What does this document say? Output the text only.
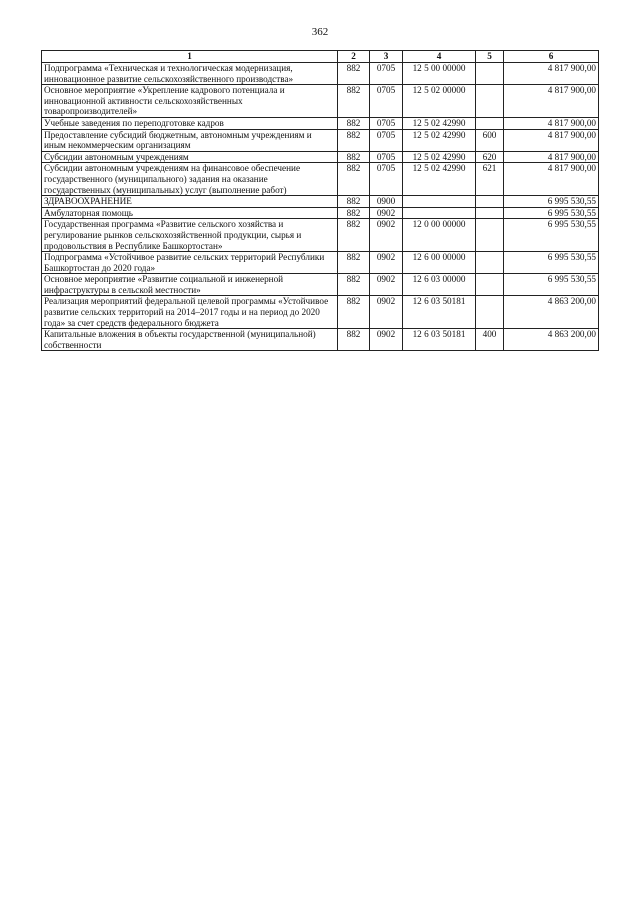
362
1	2	3	4	5	6
Подпрограмма «Техническая и технологическая модернизация, инновационное развитие сельскохозяйственного производства»	882	0705	12 5 00 00000		4 817 900,00
Основное мероприятие «Укрепление кадрового потенциала и инновационной активности сельскохозяйственных товаропроизводителей»	882	0705	12 5 02 00000		4 817 900,00
Учебные заведения по переподготовке кадров	882	0705	12 5 02 42990		4 817 900,00
Предоставление субсидий бюджетным, автономным учреждениям и иным некоммерческим организациям	882	0705	12 5 02 42990	600	4 817 900,00
Субсидии автономным учреждениям	882	0705	12 5 02 42990	620	4 817 900,00
Субсидии автономным учреждениям на финансовое обеспечение государственного (муниципального) задания на оказание государственных (муниципальных) услуг (выполнение работ)	882	0705	12 5 02 42990	621	4 817 900,00
ЗДРАВООХРАНЕНИЕ	882	0900			6 995 530,55
Амбулаторная помощь	882	0902			6 995 530,55
Государственная программа «Развитие сельского хозяйства и регулирование рынков сельскохозяйственной продукции, сырья и продовольствия в Республике Башкортостан»	882	0902	12 0 00 00000		6 995 530,55
Подпрограмма «Устойчивое развитие сельских территорий Республики Башкортостан до 2020 года»	882	0902	12 6 00 00000		6 995 530,55
Основное мероприятие «Развитие социальной и инженерной инфраструктуры в сельской местности»	882	0902	12 6 03 00000		6 995 530,55
Реализация мероприятий федеральной целевой программы «Устойчивое развитие сельских территорий на 2014–2017 годы и на период до 2020 года» за счет средств федерального бюджета	882	0902	12 6 03 50181		4 863 200,00
Капитальные вложения в объекты государственной (муниципальной) собственности	882	0902	12 6 03 50181	400	4 863 200,00
